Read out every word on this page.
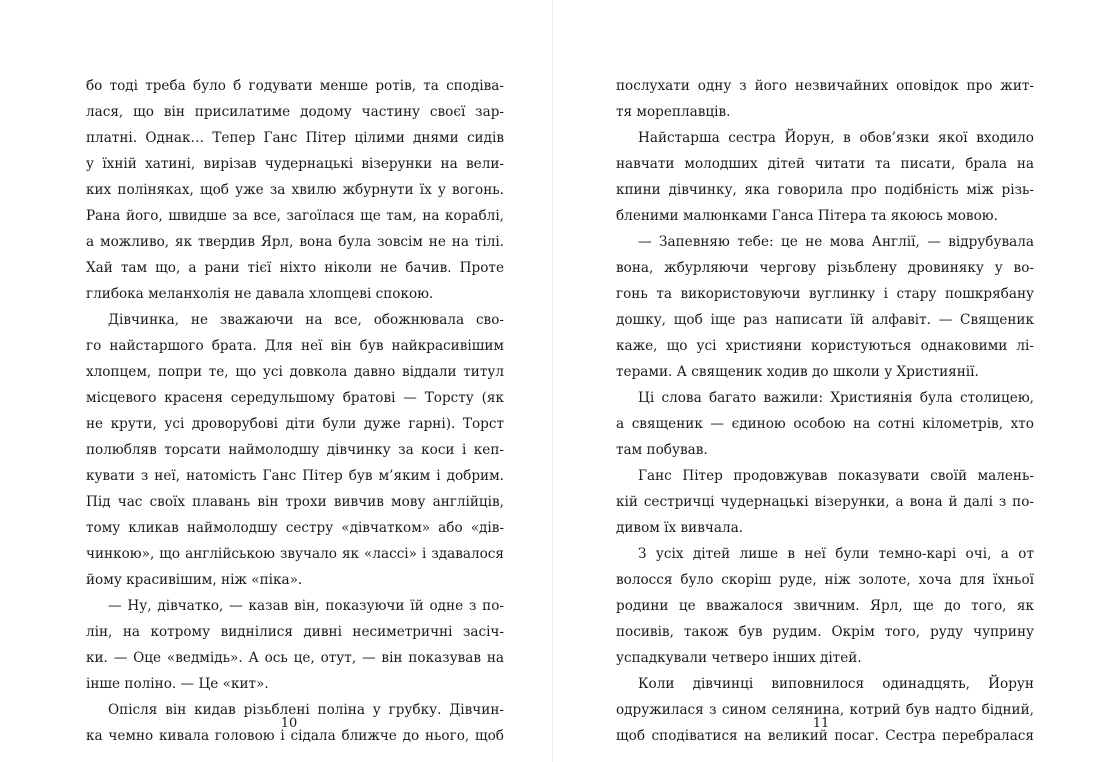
бо тоді треба було б годувати менше ротів, та сподіва-
лася, що він присилатиме додому частину своєї зар-
платні. Однак… Тепер Ганс Пітер цілими днями сидів
у їхній хатині, вирізав чудернацькі візерунки на вели-
ких поліняках, щоб уже за хвилю жбурнути їх у вогонь.
Рана його, швидше за все, загоїлася ще там, на кораблі,
а можливо, як твердив Ярл, вона була зовсім не на тілі.
Хай там що, а рани тієї ніхто ніколи не бачив. Проте
глибока меланхолія не давала хлопцеві спокою.
Дівчинка, не зважаючи на все, обожнювала сво-
го найстаршого брата. Для неї він був найкрасивішим
хлопцем, попри те, що усі довкола давно віддали титул
місцевого красеня середульшому братові — Торсту (як
не крути, усі дроворубові діти були дуже гарні). Торст
полюбляв торсати наймолодшу дівчинку за коси і кеп-
кувати з неї, натомість Ганс Пітер був м’яким і добрим.
Під час своїх плавань він трохи вивчив мову англійців,
тому кликав наймолодшу сестру «дівчатком» або «дів-
чинкою», що англійською звучало як «лассі» і здавалося
йому красивішим, ніж «піка».
— Ну, дівчатко, — казав він, показуючи їй одне з по-
лін, на котрому виднілися дивні несиметричні засіч-
ки. — Оце «ведмідь». А ось це, отут, — він показував на
інше поліно. — Це «кит».
Опісля він кидав різьблені поліна у грубку. Дівчин-
ка чемно кивала головою і сідала ближче до нього, щоб
10
послухати одну з його незвичайних оповідок про жит-
тя мореплавців.
Найстарша сестра Йорун, в обов’язки якої входило
навчати молодших дітей читати та писати, брала на
кпини дівчинку, яка говорила про подібність між різь-
бленими малюнками Ганса Пітера та якоюсь мовою.
— Запевняю тебе: це не мова Англії, — відрубувала
вона, жбурляючи чергову різьблену дровиняку у во-
гонь та використовуючи вуглинку і стару пошкрябану
дошку, щоб іще раз написати їй алфавіт. — Священик
каже, що усі християни користуються однаковими лі-
терами. А священик ходив до школи у Християнії.
Ці слова багато важили: Християнія була столицею,
а священик — єдиною особою на сотні кілометрів, хто
там побував.
Ганс Пітер продовжував показувати своїй малень-
кій сестричці чудернацькі візерунки, а вона й далі з по-
дивом їх вивчала.
З усіх дітей лише в неї були темно-карі очі, а от
волосся було скоріш руде, ніж золоте, хоча для їхньої
родини це вважалося звичним. Ярл, ще до того, як
посивів, також був рудим. Окрім того, руду чуприну
успадкували четверо інших дітей.
Коли дівчинці виповнилося одинадцять, Йорун
одружилася з сином селянина, котрий був надто бідний,
щоб сподіватися на великий посаг. Сестра перебралася
11
